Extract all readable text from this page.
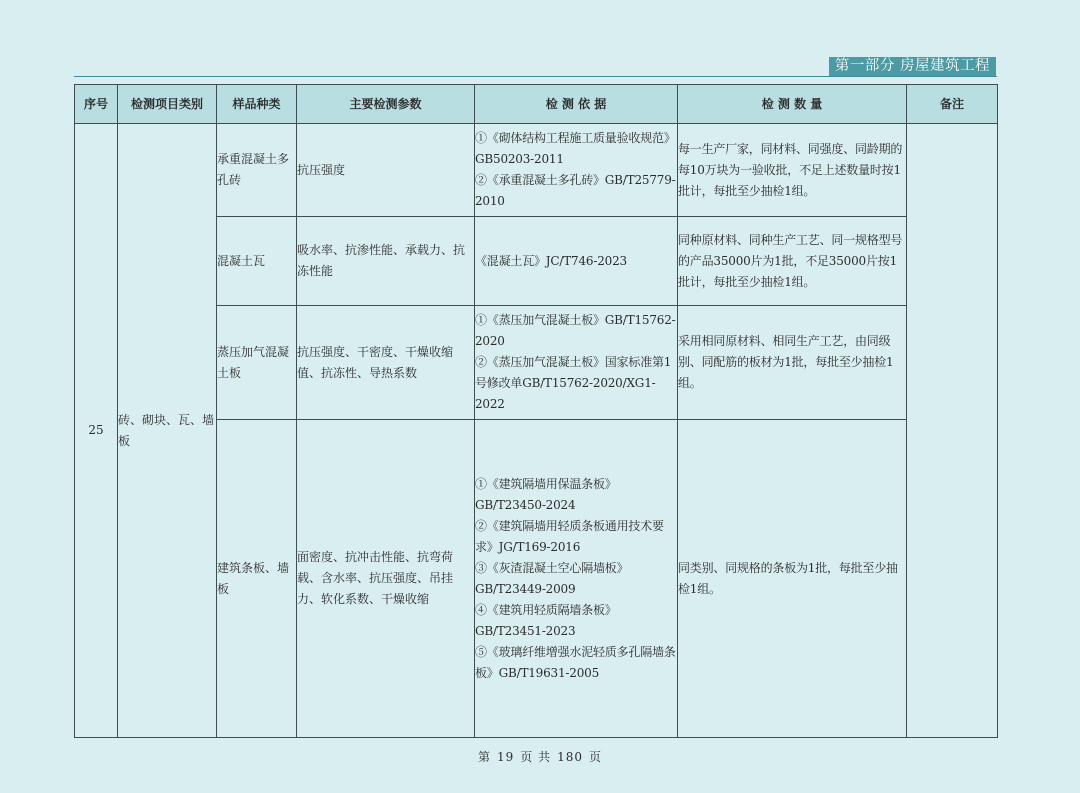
第一部分 房屋建筑工程
序号	检测项目类别	样品种类	主要检测参数	检 测 依 据	检 测 数 量	备注
25	砖、砌块、瓦、墙板	承重混凝土多孔砖	抗压强度	①《砌体结构工程施工质量验收规范》GB50203-2011
②《承重混凝土多孔砖》GB/T25779-2010	每一生产厂家，同材料、同强度、同龄期的每10万块为一验收批，不足上述数量时按1批计，每批至少抽检1组。	
		混凝土瓦	吸水率、抗渗性能、承载力、抗冻性能	《混凝土瓦》JC/T746-2023	同种原材料、同种生产工艺、同一规格型号的产品35000片为1批，不足35000片按1批计，每批至少抽检1组。	
		蒸压加气混凝土板	抗压强度、干密度、干燥收缩值、抗冻性、导热系数	①《蒸压加气混凝土板》GB/T15762-2020
②《蒸压加气混凝土板》国家标准第1号修改单GB/T15762-2020/XG1-2022	采用相同原材料、相同生产工艺，由同级别、同配筋的板材为1批，每批至少抽检1组。	
		建筑条板、墙板	面密度、抗冲击性能、抗弯荷载、含水率、抗压强度、吊挂力、软化系数、干燥收缩	①《建筑隔墙用保温条板》GB/T23450-2024
②《建筑隔墙用轻质条板通用技术要求》JG/T169-2016
③《灰渣混凝土空心隔墙板》GB/T23449-2009
④《建筑用轻质隔墙条板》GB/T23451-2023
⑤《玻璃纤维增强水泥轻质多孔隔墙条板》GB/T19631-2005	同类别、同规格的条板为1批，每批至少抽检1组。	
第 19 页 共 180 页
